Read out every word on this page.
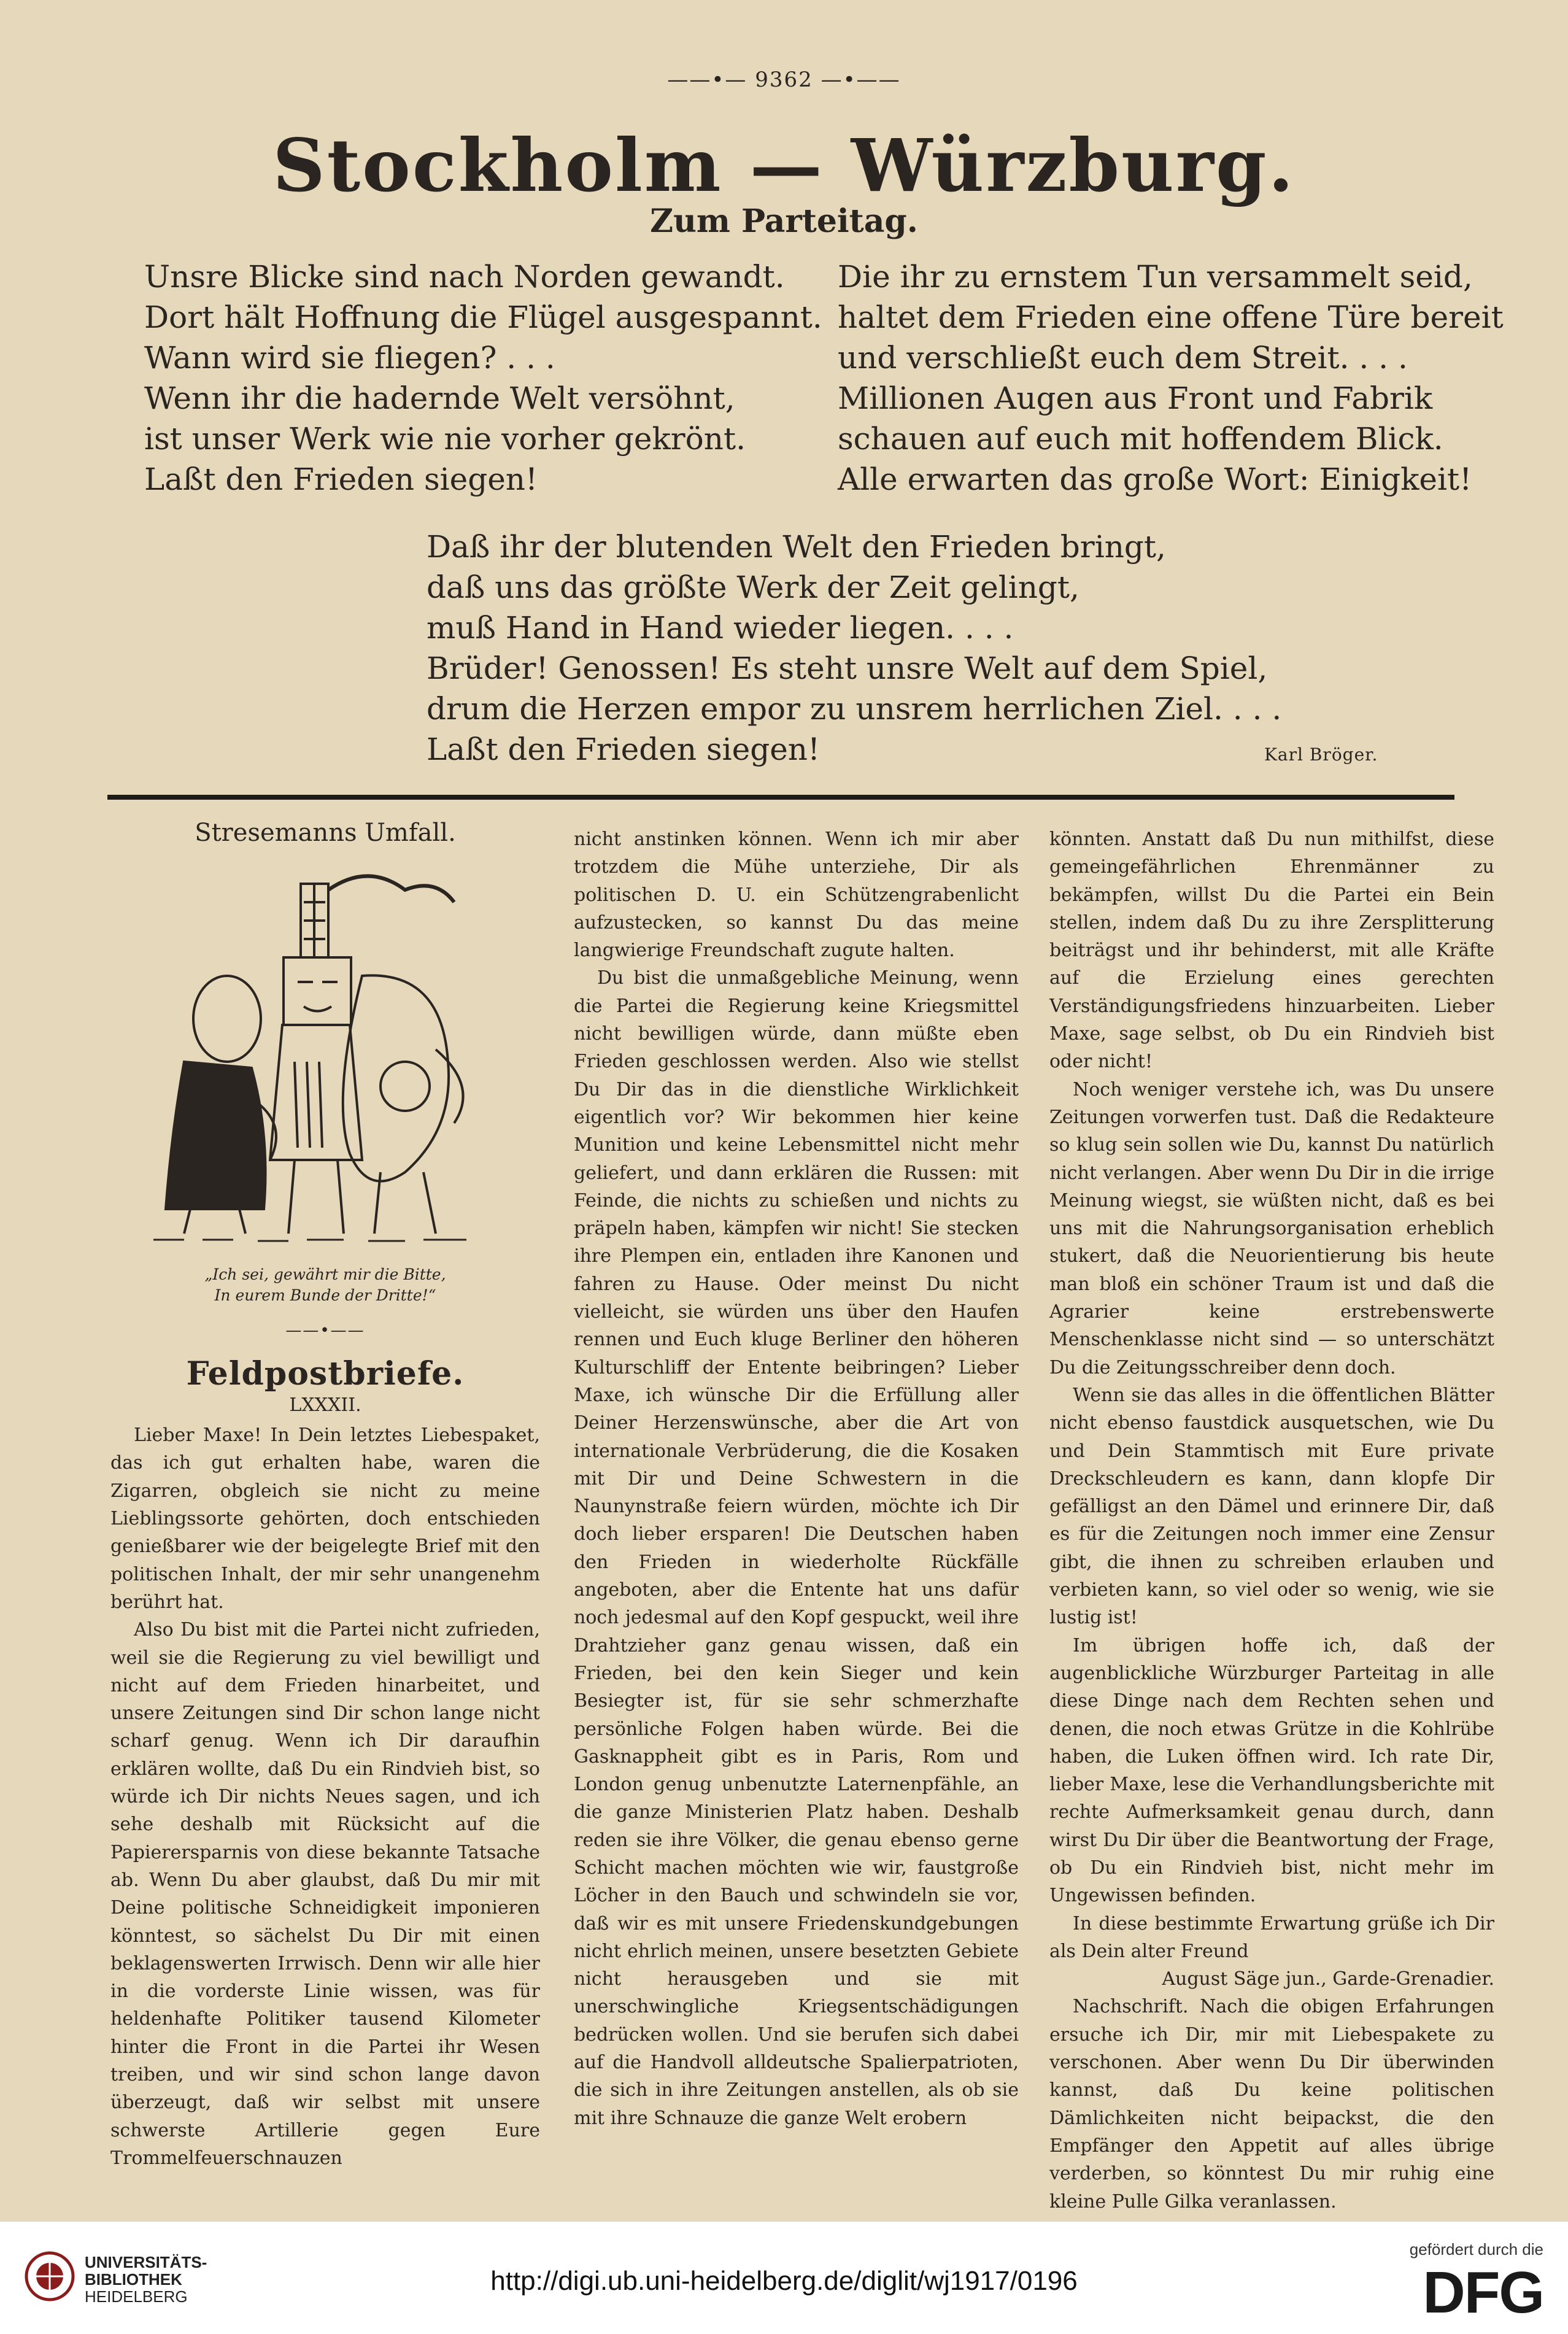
——•— 9362 —•——
Stockholm — Würzburg.
Zum Parteitag.
Unsre Blicke sind nach Norden gewandt.
Dort hält Hoffnung die Flügel ausgespannt.
Wann wird sie fliegen? . . .
Wenn ihr die hadernde Welt versöhnt,
ist unser Werk wie nie vorher gekrönt.
Laßt den Frieden siegen!
Die ihr zu ernstem Tun versammelt seid,
haltet dem Frieden eine offene Türe bereit
und verschließt euch dem Streit. . . .
Millionen Augen aus Front und Fabrik
schauen auf euch mit hoffendem Blick.
Alle erwarten das große Wort: Einigkeit!
Daß ihr der blutenden Welt den Frieden bringt,
daß uns das größte Werk der Zeit gelingt,
muß Hand in Hand wieder liegen. . . .
Brüder! Genossen! Es steht unsre Welt auf dem Spiel,
drum die Herzen empor zu unsrem herrlichen Ziel. . . .
Laßt den Frieden siegen!	Karl Bröger.
Stresemanns Umfall.
„Ich sei, gewährt mir die Bitte,
In eurem Bunde der Dritte!“
——•——
Feldpostbriefe.
LXXXII.

Lieber Maxe! In Dein letztes Liebespaket, das ich gut erhalten habe, waren die Zigarren, obgleich sie nicht zu meine Lieblingssorte gehörten, doch entschieden genießbarer wie der beigelegte Brief mit den politischen Inhalt, der mir sehr unangenehm berührt hat.

Also Du bist mit die Partei nicht zufrieden, weil sie die Regierung zu viel bewilligt und nicht auf dem Frieden hinarbeitet, und unsere Zeitungen sind Dir schon lange nicht scharf genug. Wenn ich Dir daraufhin erklären wollte, daß Du ein Rindvieh bist, so würde ich Dir nichts Neues sagen, und ich sehe deshalb mit Rücksicht auf die Papierersparnis von diese bekannte Tatsache ab. Wenn Du aber glaubst, daß Du mir mit Deine politische Schneidigkeit imponieren könntest, so sächelst Du Dir mit einen beklagenswerten Irrwisch. Denn wir alle hier in die vorderste Linie wissen, was für heldenhafte Politiker tausend Kilometer hinter die Front in die Partei ihr Wesen treiben, und wir sind schon lange davon überzeugt, daß wir selbst mit unsere schwerste Artillerie gegen Eure Trommelfeuerschnauzen

nicht anstinken können. Wenn ich mir aber trotzdem die Mühe unterziehe, Dir als politischen D. U. ein Schützengrabenlicht aufzustecken, so kannst Du das meine langwierige Freundschaft zugute halten.

Du bist die unmaßgebliche Meinung, wenn die Partei die Regierung keine Kriegsmittel nicht bewilligen würde, dann müßte eben Frieden geschlossen werden. Also wie stellst Du Dir das in die dienstliche Wirklichkeit eigentlich vor? Wir bekommen hier keine Munition und keine Lebensmittel nicht mehr geliefert, und dann erklären die Russen: mit Feinde, die nichts zu schießen und nichts zu präpeln haben, kämpfen wir nicht! Sie stecken ihre Plempen ein, entladen ihre Kanonen und fahren zu Hause. Oder meinst Du nicht vielleicht, sie würden uns über den Haufen rennen und Euch kluge Berliner den höheren Kulturschliff der Entente beibringen? Lieber Maxe, ich wünsche Dir die Erfüllung aller Deiner Herzenswünsche, aber die Art von internationale Verbrüderung, die die Kosaken mit Dir und Deine Schwestern in die Naunynstraße feiern würden, möchte ich Dir doch lieber ersparen! Die Deutschen haben den Frieden in wiederholte Rückfälle angeboten, aber die Entente hat uns dafür noch jedesmal auf den Kopf gespuckt, weil ihre Drahtzieher ganz genau wissen, daß ein Frieden, bei den kein Sieger und kein Besiegter ist, für sie sehr schmerzhafte persönliche Folgen haben würde. Bei die Gasknappheit gibt es in Paris, Rom und London genug unbenutzte Laternenpfähle, an die ganze Ministerien Platz haben. Deshalb reden sie ihre Völker, die genau ebenso gerne Schicht machen möchten wie wir, faustgroße Löcher in den Bauch und schwindeln sie vor, daß wir es mit unsere Friedenskundgebungen nicht ehrlich meinen, unsere besetzten Gebiete nicht herausgeben und sie mit unerschwingliche Kriegsentschädigungen bedrücken wollen. Und sie berufen sich dabei auf die Handvoll alldeutsche Spalierpatrioten, die sich in ihre Zeitungen anstellen, als ob sie mit ihre Schnauze die ganze Welt erobern

könnten. Anstatt daß Du nun mithilfst, diese gemeingefährlichen Ehrenmänner zu bekämpfen, willst Du die Partei ein Bein stellen, indem daß Du zu ihre Zersplitterung beiträgst und ihr behinderst, mit alle Kräfte auf die Erzielung eines gerechten Verständigungsfriedens hinzuarbeiten. Lieber Maxe, sage selbst, ob Du ein Rindvieh bist oder nicht!

Noch weniger verstehe ich, was Du unsere Zeitungen vorwerfen tust. Daß die Redakteure so klug sein sollen wie Du, kannst Du natürlich nicht verlangen. Aber wenn Du Dir in die irrige Meinung wiegst, sie wüßten nicht, daß es bei uns mit die Nahrungsorganisation erheblich stukert, daß die Neuorientierung bis heute man bloß ein schöner Traum ist und daß die Agrarier keine erstrebenswerte Menschenklasse nicht sind — so unterschätzt Du die Zeitungsschreiber denn doch.

Wenn sie das alles in die öffentlichen Blätter nicht ebenso faustdick ausquetschen, wie Du und Dein Stammtisch mit Eure private Dreckschleudern es kann, dann klopfe Dir gefälligst an den Dämel und erinnere Dir, daß es für die Zeitungen noch immer eine Zensur gibt, die ihnen zu schreiben erlauben und verbieten kann, so viel oder so wenig, wie sie lustig ist!

Im übrigen hoffe ich, daß der augenblickliche Würzburger Parteitag in alle diese Dinge nach dem Rechten sehen und denen, die noch etwas Grütze in die Kohlrübe haben, die Luken öffnen wird. Ich rate Dir, lieber Maxe, lese die Verhandlungsberichte mit rechte Aufmerksamkeit genau durch, dann wirst Du Dir über die Beantwortung der Frage, ob Du ein Rindvieh bist, nicht mehr im Ungewissen befinden.

In diese bestimmte Erwartung grüße ich Dir als Dein alter Freund

August Säge jun., Garde-Grenadier.

Nachschrift. Nach die obigen Erfahrungen ersuche ich Dir, mir mit Liebespakete zu verschonen. Aber wenn Du Dir überwinden kannst, daß Du keine politischen Dämlichkeiten nicht beipackst, die den Empfänger den Appetit auf alles übrige verderben, so könntest Du mir ruhig eine kleine Pulle Gilka veranlassen.

UNIVERSITÄTS-
BIBLIOTHEK
HEIDELBERG
http://digi.ub.uni-heidelberg.de/diglit/wj1917/0196
gefördert durch die
DFG
